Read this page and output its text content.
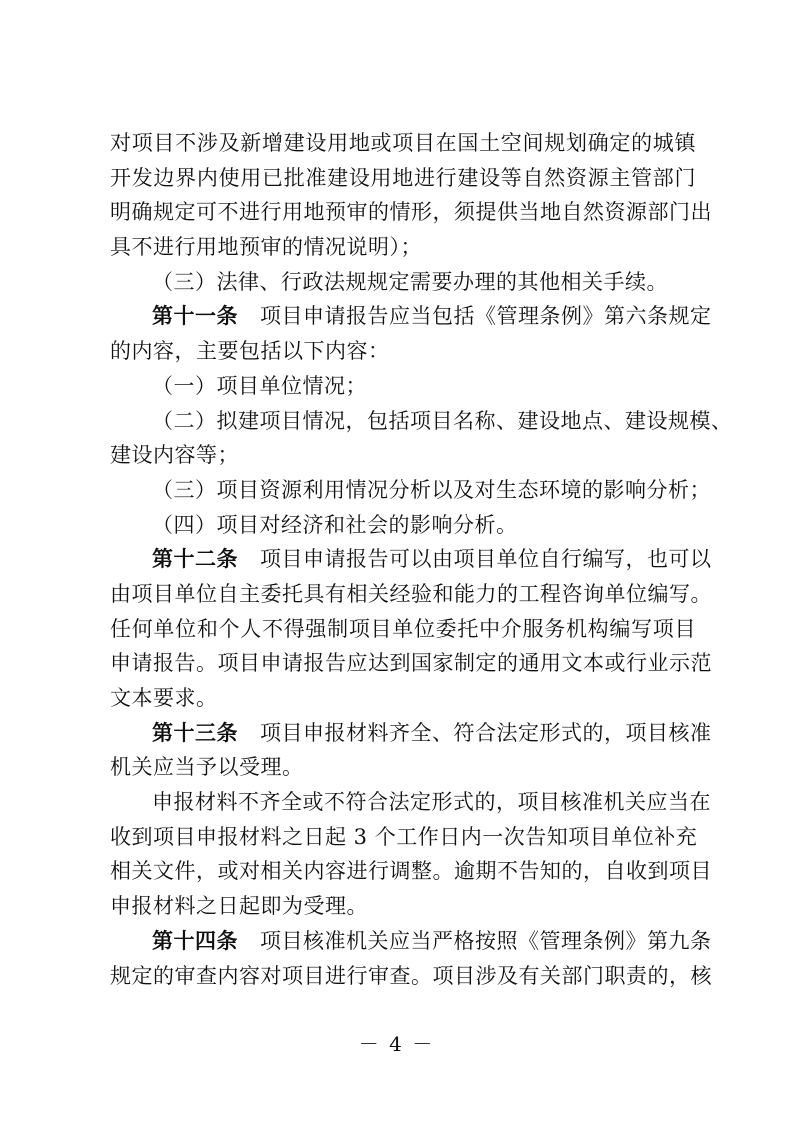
对项目不涉及新增建设用地或项目在国土空间规划确定的城镇
开发边界内使用已批准建设用地进行建设等自然资源主管部门
明确规定可不进行用地预审的情形，须提供当地自然资源部门出
具不进行用地预审的情况说明）；
（三）法律、行政法规规定需要办理的其他相关手续。
第十一条 项目申请报告应当包括《管理条例》第六条规定
的内容，主要包括以下内容：
（一）项目单位情况；
（二）拟建项目情况，包括项目名称、建设地点、建设规模、
建设内容等；
（三）项目资源利用情况分析以及对生态环境的影响分析；
（四）项目对经济和社会的影响分析。
第十二条 项目申请报告可以由项目单位自行编写，也可以
由项目单位自主委托具有相关经验和能力的工程咨询单位编写。
任何单位和个人不得强制项目单位委托中介服务机构编写项目
申请报告。项目申请报告应达到国家制定的通用文本或行业示范
文本要求。
第十三条 项目申报材料齐全、符合法定形式的，项目核准
机关应当予以受理。
申报材料不齐全或不符合法定形式的，项目核准机关应当在
收到项目申报材料之日起 3 个工作日内一次告知项目单位补充
相关文件，或对相关内容进行调整。逾期不告知的，自收到项目
申报材料之日起即为受理。
第十四条 项目核准机关应当严格按照《管理条例》第九条
规定的审查内容对项目进行审查。项目涉及有关部门职责的，核
－ 4 －
